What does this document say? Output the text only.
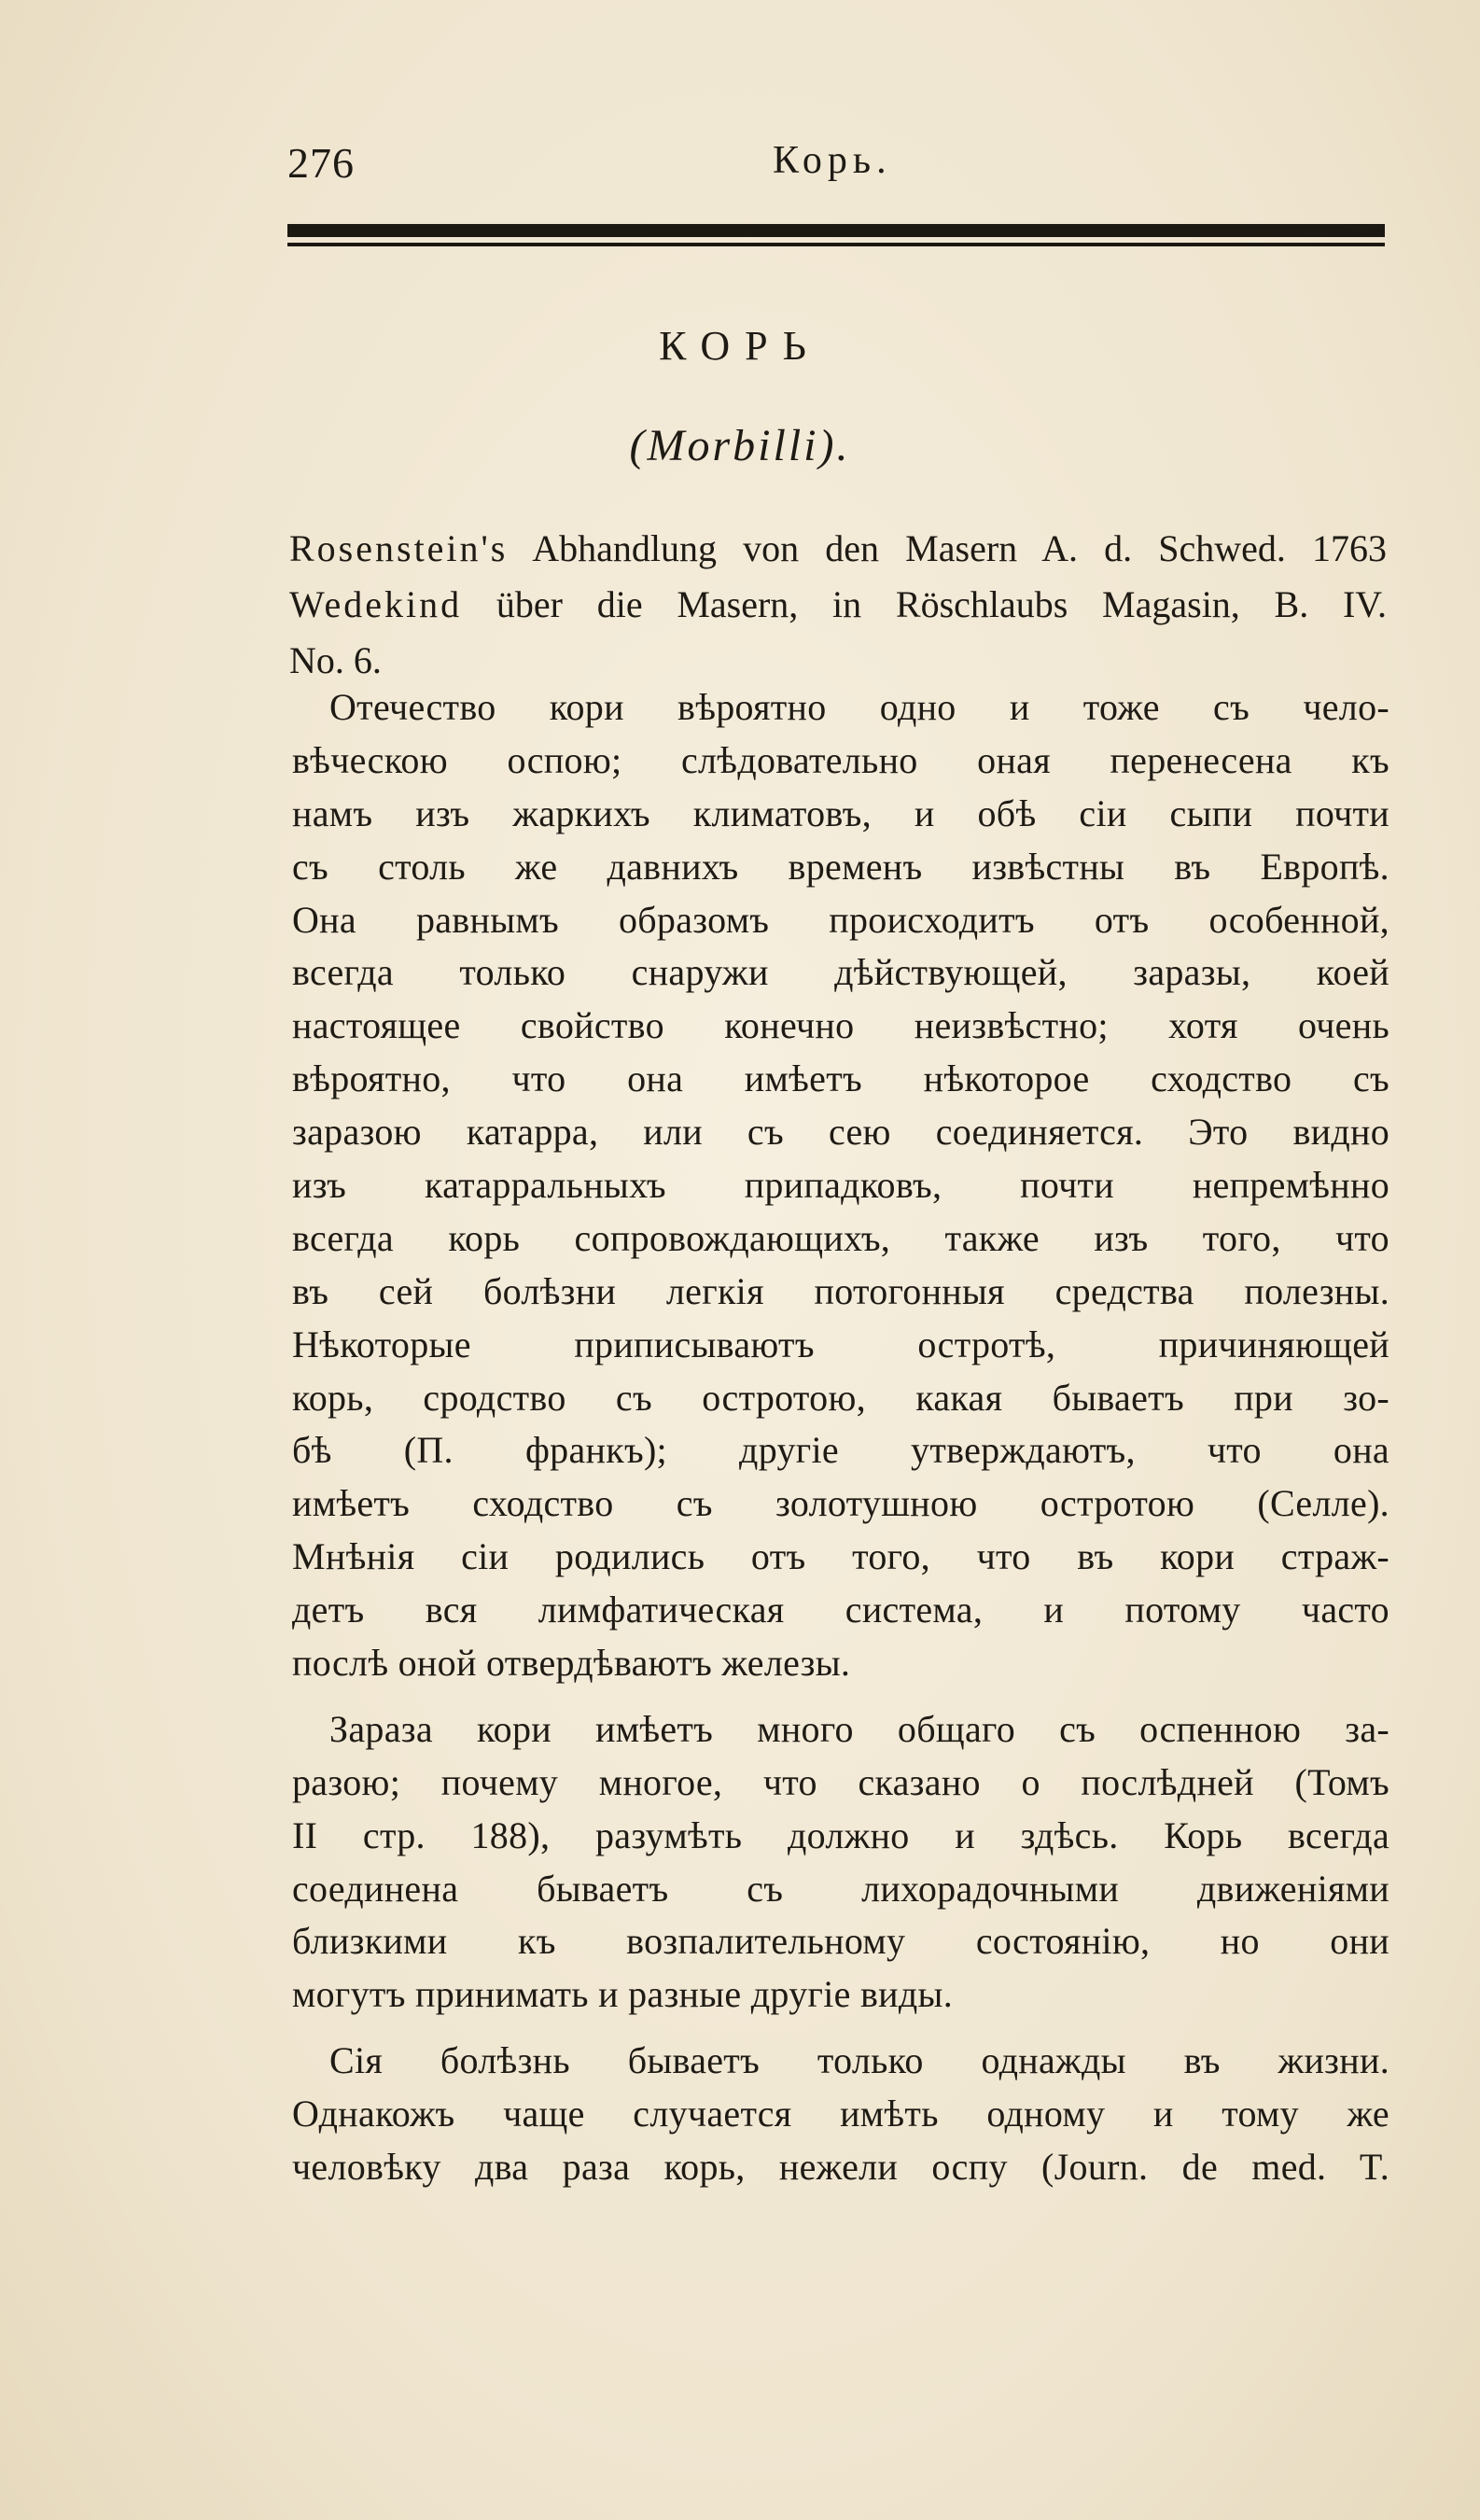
276	Корь.
КОРЬ
(Morbilli).
Rosenstein's Abhandlung von den Masern A. d. Schwed. 1763
Wedekind über die Masern, in Röschlaubs Magasin, B. IV.
No. 6.
Отечество кори вѣроятно одно и тоже съ чело-
вѣческою оспою; слѣдовательно оная перенесена къ
намъ изъ жаркихъ климатовъ, и обѣ сіи сыпи почти
съ столь же давнихъ временъ извѣстны въ Европѣ.
Она равнымъ образомъ происходитъ отъ особенной,
всегда только снаружи дѣйствующей, заразы, коей
настоящее свойство конечно неизвѣстно; хотя очень
вѣроятно, что она имѣетъ нѣкоторое сходство съ
заразою катарра, или съ сею соединяется. Это видно
изъ катарральныхъ припадковъ, почти непремѣнно
всегда корь сопровождающихъ, также изъ того, что
въ сей болѣзни легкія потогонныя средства полезны.
Нѣкоторые приписываютъ остротѣ, причиняющей
корь, сродство съ остротою, какая бываетъ при зо-
бѣ (П. франкъ); другіе утверждаютъ, что она
имѣетъ сходство съ золотушною остротою (Селле).
Мнѣнія сіи родились отъ того, что въ кори страж-
детъ вся лимфатическая система, и потому часто
послѣ оной отвердѣваютъ железы.
Зараза кори имѣетъ много общаго съ оспенною за-
разою; почему многое, что сказано о послѣдней (Томъ
II стр. 188), разумѣть должно и здѣсь. Корь всегда
соединена бываетъ съ лихорадочными движеніями
близкими къ возпалительному состоянію, но они
могутъ принимать и разные другіе виды.
Сія болѣзнь бываетъ только однажды въ жизни.
Однакожъ чаще случается имѣть одному и тому же
человѣку два раза корь, нежели оспу (Journ. de med. T.
